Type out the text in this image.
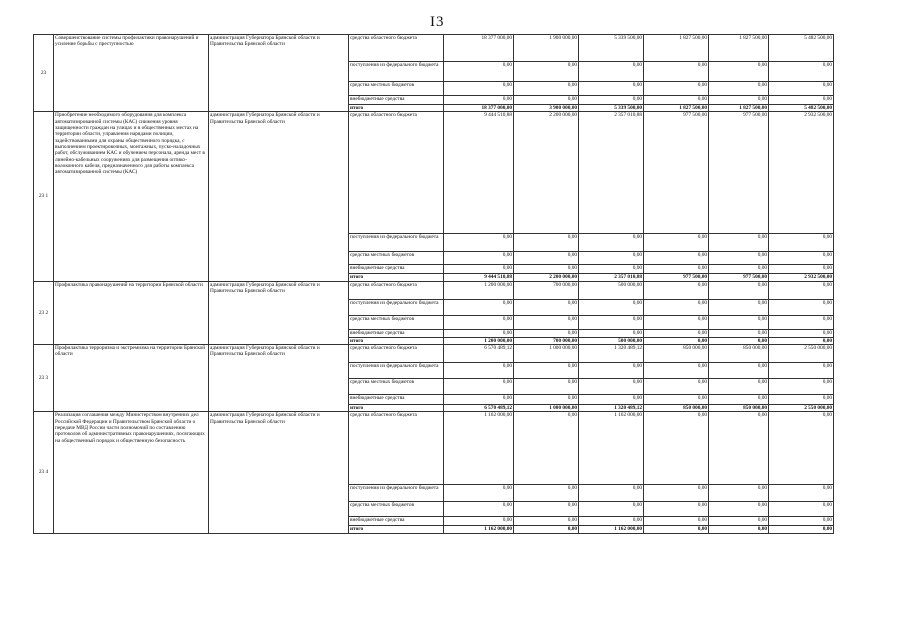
I3
23	Совершенствование системы профилактики правонарушений и усиление борьбы с преступностью	администрация Губернатора Брянской области и Правительства Брянской области	средства областного бюджета	18 377 000,00	1 900 000,00	5 339 500,00	1 827 500,00	1 827 500,00	5 482 500,00
			поступления из федерального бюджета	0,00	0,00	0,00	0,00	0,00	0,00
			средства местных бюджетов	0,00	0,00	0,00	0,00	0,00	0,00
			внебюджетные средства	0,00	0,00	0,00	0,00	0,00	0,00
			итого	18 377 000,00	3 900 000,00	5 339 500,00	1 827 500,00	1 827 500,00	5 482 500,00
23 1	Приобретение необходимого оборудования для комплекса автоматизированной системы (КАС) снижения уровня защищенности граждан на улицах и в общественных местах на территории области, управления нарядами полиции, задействованными для охраны общественного порядка, с выполнением проектировочных, монтажных, пуско-наладочных работ, обслуживанием КАС и обучением персонала, аренда мест в линейно-кабельных сооружениях для размещения оптико-волоконного кабеля, предназначенного для работы комплекса автоматизированной системы (КАС)	администрация Губернатора Брянской области и Правительства Брянской области	средства областного бюджета	9 444 510,88	2 200 000,00	2 357 010,88	977 500,00	977 500,00	2 932 500,00
			поступления из федерального бюджета	0,00	0,00	0,00	0,00	0,00	0,00
			средства местных бюджетов	0,00	0,00	0,00	0,00	0,00	0,00
			внебюджетные средства	0,00	0,00	0,00	0,00	0,00	0,00
			итого	9 444 510,88	2 200 000,00	2 357 010,88	977 500,00	977 500,00	2 932 500,00
23 2	Профилактика правонарушений на территории Брянской области	администрация Губернатора Брянской области и Правительства Брянской области	средства областного бюджета	1 200 000,00	700 000,00	500 000,00	0,00	0,00	0,00
			поступления из федерального бюджета	0,00	0,00	0,00	0,00	0,00	0,00
			средства местных бюджетов	0,00	0,00	0,00	0,00	0,00	0,00
			внебюджетные средства	0,00	0,00	0,00	0,00	0,00	0,00
			итого	1 200 000,00	700 000,00	500 000,00	0,00	0,00	0,00
23 3	Профилактика терроризма и экстремизма на территории Брянской области	администрация Губернатора Брянской области и Правительства Брянской области	средства областного бюджета	6 570 489,12	1 000 000,00	1 320 489,12	850 000,00	850 000,00	2 550 000,00
			поступления из федерального бюджета	0,00	0,00	0,00	0,00	0,00	0,00
			средства местных бюджетов	0,00	0,00	0,00	0,00	0,00	0,00
			внебюджетные средства	0,00	0,00	0,00	0,00	0,00	0,00
			итого	6 570 489,12	1 000 000,00	1 320 489,12	850 000,00	850 000,00	2 550 000,00
23 4	Реализация соглашения между Министерством внутренних дел Российской Федерации и Правительством Брянской области о передаче МВД России части полномочий по составлению протоколов об административных правонарушениях, посягающих на общественный порядок и общественную безопасность	администрация Губернатора Брянской области и Правительства Брянской области	средства областного бюджета	1 162 000,00	0,00	1 162 000,00	0,00	0,00	0,00
			поступления из федерального бюджета	0,00	0,00	0,00	0,00	0,00	0,00
			средства местных бюджетов	0,00	0,00	0,00	0,00	0,00	0,00
			внебюджетные средства	0,00	0,00	0,00	0,00	0,00	0,00
			итого	1 162 000,00	0,00	1 162 000,00	0,00	0,00	0,00
